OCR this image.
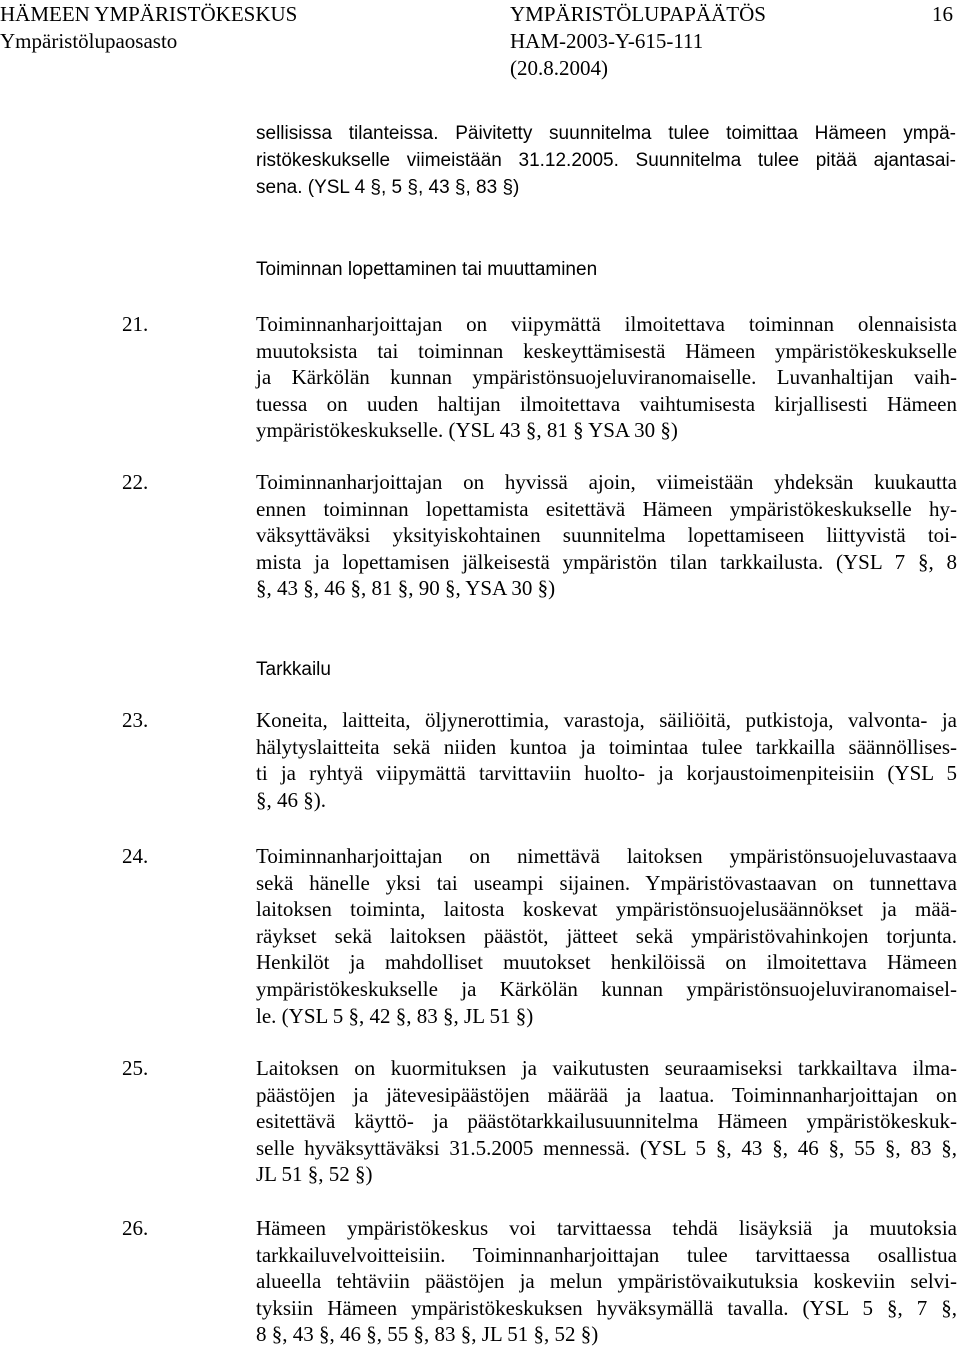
HÄMEEN YMPÄRISTÖKESKUS	YMPÄRISTÖLUPAPÄÄTÖS	16
Ympäristölupaosasto	HAM-2003-Y-615-111
(20.8.2004)
sellisissa tilanteissa. Päivitetty suunnitelma tulee toimittaa Hämeen ympä-
ristökeskukselle viimeistään 31.12.2005. Suunnitelma tulee pitää ajantasai-
sena. (YSL 4 §, 5 §, 43 §, 83 §)
Toiminnan lopettaminen tai muuttaminen
21.	Toiminnanharjoittajan on viipymättä ilmoitettava toiminnan olennaisista
muutoksista tai toiminnan keskeyttämisestä Hämeen ympäristökeskukselle
ja Kärkölän kunnan ympäristönsuojeluviranomaiselle. Luvanhaltijan vaih-
tuessa on uuden haltijan ilmoitettava vaihtumisesta kirjallisesti Hämeen
ympäristökeskukselle. (YSL 43 §, 81 § YSA 30 §)
22.	Toiminnanharjoittajan on hyvissä ajoin, viimeistään yhdeksän kuukautta
ennen toiminnan lopettamista esitettävä Hämeen ympäristökeskukselle hy-
väksyttäväksi yksityiskohtainen suunnitelma lopettamiseen liittyvistä toi-
mista ja lopettamisen jälkeisestä ympäristön tilan tarkkailusta. (YSL 7 §, 8
§, 43 §, 46 §, 81 §, 90 §, YSA 30 §)
Tarkkailu
23.	Koneita, laitteita, öljynerottimia, varastoja, säiliöitä, putkistoja, valvonta- ja
hälytyslaitteita sekä niiden kuntoa ja toimintaa tulee tarkkailla säännöllises-
ti ja ryhtyä viipymättä tarvittaviin huolto- ja korjaustoimenpiteisiin (YSL 5
§, 46 §).
24.	Toiminnanharjoittajan on nimettävä laitoksen ympäristönsuojeluvastaava
sekä hänelle yksi tai useampi sijainen. Ympäristövastaavan on tunnettava
laitoksen toiminta, laitosta koskevat ympäristönsuojelusäännökset ja mää-
räykset sekä laitoksen päästöt, jätteet sekä ympäristövahinkojen torjunta.
Henkilöt ja mahdolliset muutokset henkilöissä on ilmoitettava Hämeen
ympäristökeskukselle ja Kärkölän kunnan ympäristönsuojeluviranomaisel-
le. (YSL 5 §, 42 §, 83 §, JL 51 §)
25.	Laitoksen on kuormituksen ja vaikutusten seuraamiseksi tarkkailtava ilma-
päästöjen ja jätevesipäästöjen määrää ja laatua. Toiminnanharjoittajan on
esitettävä käyttö- ja päästötarkkailusuunnitelma Hämeen ympäristökeskuk-
selle hyväksyttäväksi 31.5.2005 mennessä. (YSL 5 §, 43 §, 46 §, 55 §, 83 §,
JL 51 §, 52 §)
26.	Hämeen ympäristökeskus voi tarvittaessa tehdä lisäyksiä ja muutoksia
tarkkailuvelvoitteisiin. Toiminnanharjoittajan tulee tarvittaessa osallistua
alueella tehtäviin päästöjen ja melun ympäristövaikutuksia koskeviin selvi-
tyksiin Hämeen ympäristökeskuksen hyväksymällä tavalla. (YSL 5 §, 7 §,
8 §, 43 §, 46 §, 55 §, 83 §, JL 51 §, 52 §)
